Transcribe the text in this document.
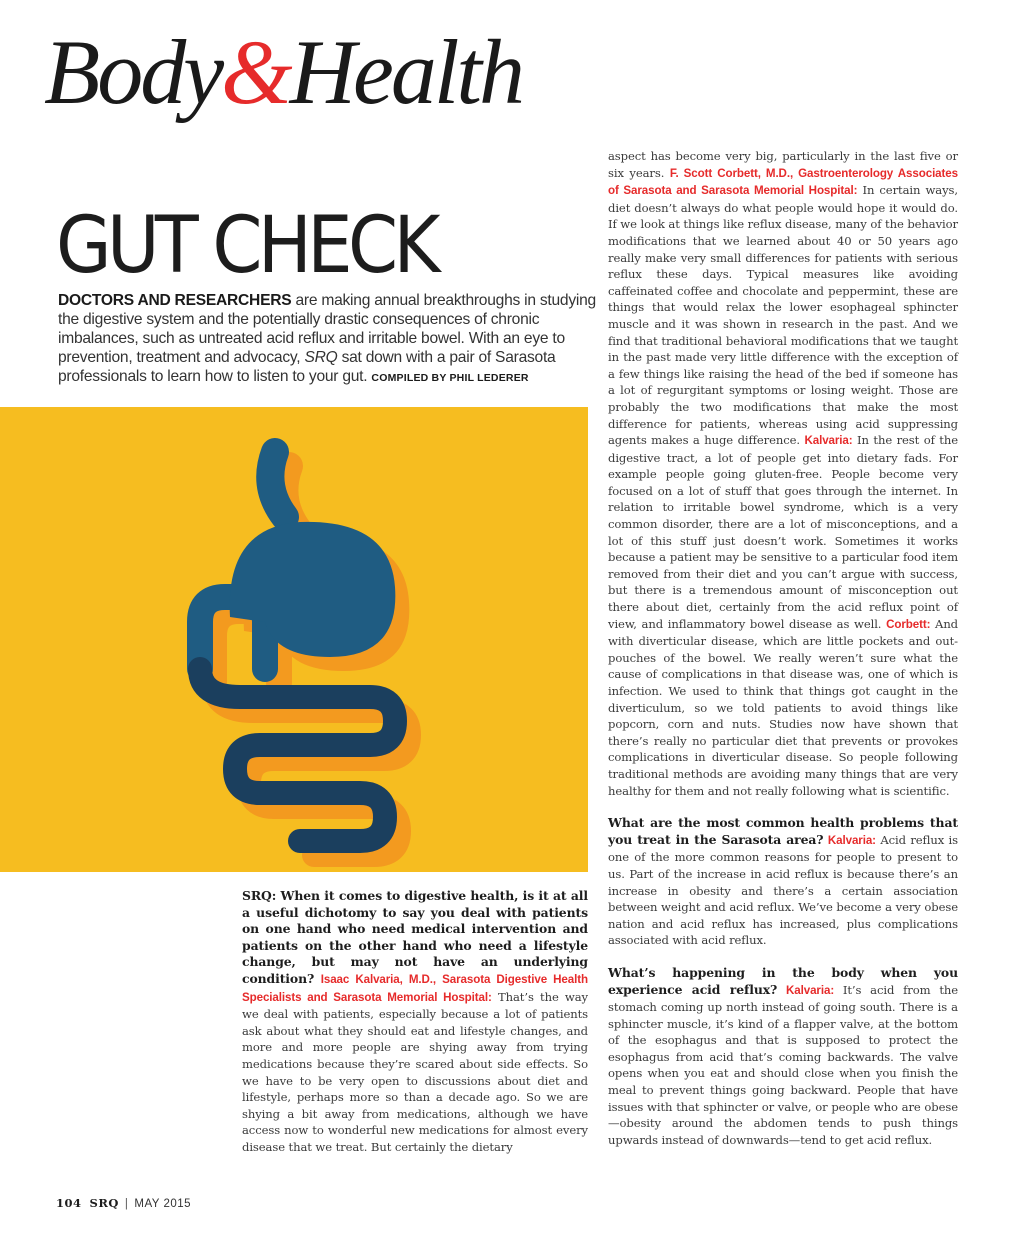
Body&Health
GUT CHECK
DOCTORS AND RESEARCHERS are making annual breakthroughs in studying the digestive system and the potentially drastic consequences of chronic imbalances, such as untreated acid reflux and irritable bowel. With an eye to prevention, treatment and advocacy, SRQ sat down with a pair of Sarasota professionals to learn how to listen to your gut. COMPILED BY PHIL LEDERER

SRQ: When it comes to digestive health, is it at all a useful dichotomy to say you deal with patients on one hand who need medical intervention and patients on the other hand who need a lifestyle change, but may not have an underlying condition? Isaac Kalvaria, M.D., Sarasota Digestive Health Specialists and Sarasota Memorial Hospital: That’s the way we deal with patients, especially because a lot of patients ask about what they should eat and lifestyle changes, and more and more people are shying away from trying medications because they’re scared about side effects. So we have to be very open to discussions about diet and lifestyle, perhaps more so than a decade ago. So we are shying a bit away from medications, although we have access now to wonderful new medications for almost every disease that we treat. But certainly the dietary

aspect has become very big, particularly in the last five or six years. F. Scott Corbett, M.D., Gastroenterology Associates of Sarasota and Sarasota Memorial Hospital: In certain ways, diet doesn’t always do what people would hope it would do. If we look at things like reflux disease, many of the behavior modifications that we learned about 40 or 50 years ago really make very small differences for patients with serious reflux these days. Typical measures like avoiding caffeinated coffee and chocolate and peppermint, these are things that would relax the lower esophageal sphincter muscle and it was shown in research in the past. And we find that traditional behavioral modifications that we taught in the past made very little difference with the exception of a few things like raising the head of the bed if someone has a lot of regurgitant symptoms or losing weight. Those are probably the two modifications that make the most difference for patients, whereas using acid suppressing agents makes a huge difference. Kalvaria: In the rest of the digestive tract, a lot of people get into dietary fads. For example people going gluten-free. People become very focused on a lot of stuff that goes through the internet. In relation to irritable bowel syndrome, which is a very common disorder, there are a lot of misconceptions, and a lot of this stuff just doesn’t work. Sometimes it works because a patient may be sensitive to a particular food item removed from their diet and you can’t argue with success, but there is a tremendous amount of misconception out there about diet, certainly from the acid reflux point of view, and inflammatory bowel disease as well. Corbett: And with diverticular disease, which are little pockets and out-pouches of the bowel. We really weren’t sure what the cause of complications in that disease was, one of which is infection. We used to think that things got caught in the diverticulum, so we told patients to avoid things like popcorn, corn and nuts. Studies now have shown that there’s really no particular diet that prevents or provokes complications in diverticular disease. So people following traditional methods are avoiding many things that are very healthy for them and not really following what is scientific.

What are the most common health problems that you treat in the Sarasota area? Kalvaria: Acid reflux is one of the more common reasons for people to present to us. Part of the increase in acid reflux is because there’s an increase in obesity and there’s a certain association between weight and acid reflux. We’ve become a very obese nation and acid reflux has increased, plus complications associated with acid reflux.

What’s happening in the body when you experience acid reflux? Kalvaria: It’s acid from the stomach coming up north instead of going south. There is a sphincter muscle, it’s kind of a flapper valve, at the bottom of the esophagus and that is supposed to protect the esophagus from acid that’s coming backwards. The valve opens when you eat and should close when you finish the meal to prevent things going backward. People that have issues with that sphincter or valve, or people who are obese —obesity around the abdomen tends to push things upwards instead of downwards—tend to get acid reflux.

104 SRQ | MAY 2015
